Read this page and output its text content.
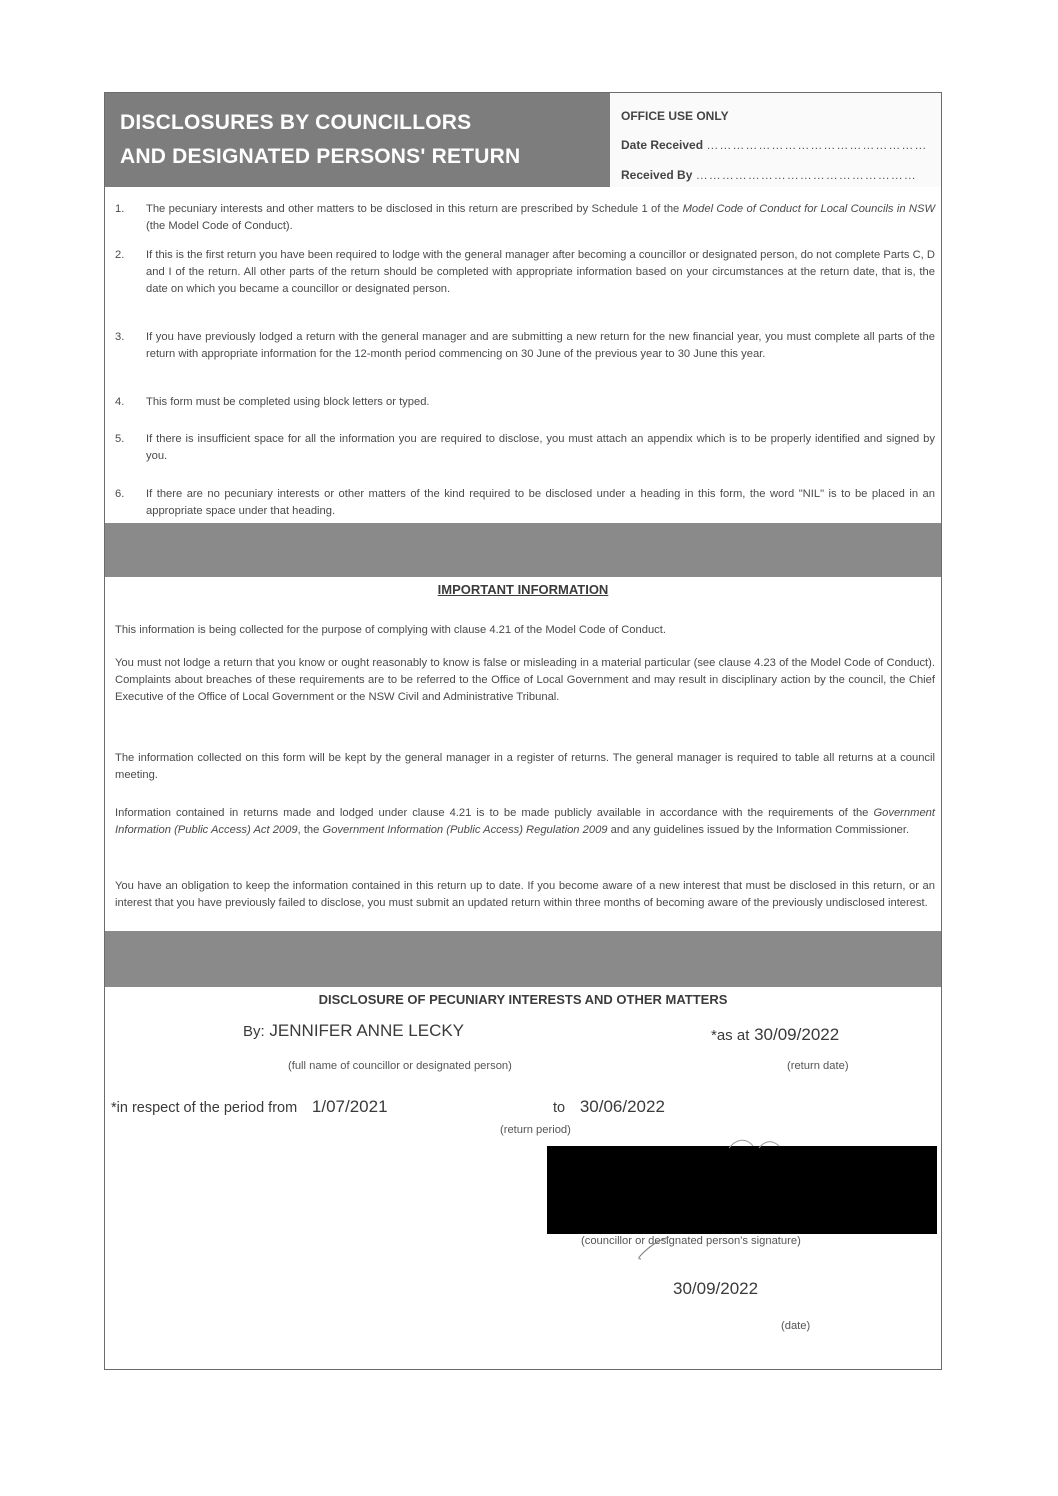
DISCLOSURES BY COUNCILLORS
AND DESIGNATED PERSONS' RETURN
OFFICE USE ONLY
Date Received ……………………………………………
Received By ……………………………………………
1. The pecuniary interests and other matters to be disclosed in this return are prescribed by Schedule 1 of the Model Code of Conduct for Local Councils in NSW (the Model Code of Conduct).
2. If this is the first return you have been required to lodge with the general manager after becoming a councillor or designated person, do not complete Parts C, D and I of the return. All other parts of the return should be completed with appropriate information based on your circumstances at the return date, that is, the date on which you became a councillor or designated person.
3. If you have previously lodged a return with the general manager and are submitting a new return for the new financial year, you must complete all parts of the return with appropriate information for the 12-month period commencing on 30 June of the previous year to 30 June this year.
4. This form must be completed using block letters or typed.
5. If there is insufficient space for all the information you are required to disclose, you must attach an appendix which is to be properly identified and signed by you.
6. If there are no pecuniary interests or other matters of the kind required to be disclosed under a heading in this form, the word "NIL" is to be placed in an appropriate space under that heading.
IMPORTANT INFORMATION

This information is being collected for the purpose of complying with clause 4.21 of the Model Code of Conduct.

You must not lodge a return that you know or ought reasonably to know is false or misleading in a material particular (see clause 4.23 of the Model Code of Conduct). Complaints about breaches of these requirements are to be referred to the Office of Local Government and may result in disciplinary action by the council, the Chief Executive of the Office of Local Government or the NSW Civil and Administrative Tribunal.

The information collected on this form will be kept by the general manager in a register of returns. The general manager is required to table all returns at a council meeting.

Information contained in returns made and lodged under clause 4.21 is to be made publicly available in accordance with the requirements of the Government Information (Public Access) Act 2009, the Government Information (Public Access) Regulation 2009 and any guidelines issued by the Information Commissioner.

You have an obligation to keep the information contained in this return up to date. If you become aware of a new interest that must be disclosed in this return, or an interest that you have previously failed to disclose, you must submit an updated return within three months of becoming aware of the previously undisclosed interest.

DISCLOSURE OF PECUNIARY INTERESTS AND OTHER MATTERS
By: JENNIFER ANNE LECKY	*as at 30/09/2022
(full name of councillor or designated person)	(return date)
*in respect of the period from 1/07/2021	to 30/06/2022
(return period)
(councillor or designated person's signature)
30/09/2022
(date)
